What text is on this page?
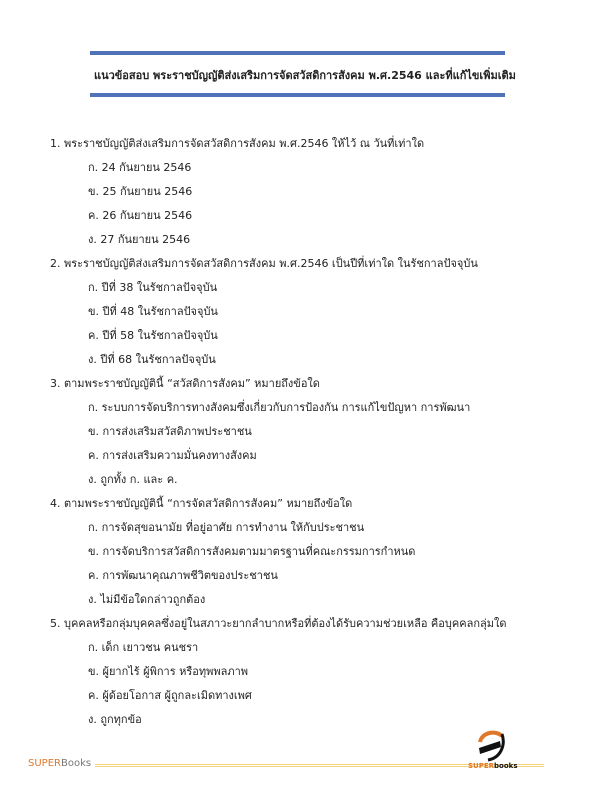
แนวข้อสอบ พระราชบัญญัติส่งเสริมการจัดสวัสดิการสังคม พ.ศ.2546 และที่แก้ไขเพิ่มเติม
1. พระราชบัญญัติส่งเสริมการจัดสวัสดิการสังคม พ.ศ.2546 ให้ไว้ ณ วันที่เท่าใด
ก. 24 กันยายน 2546
ข. 25 กันยายน 2546
ค. 26 กันยายน 2546
ง. 27 กันยายน 2546
2. พระราชบัญญัติส่งเสริมการจัดสวัสดิการสังคม พ.ศ.2546 เป็นปีที่เท่าใด ในรัชกาลปัจจุบัน
ก. ปีที่ 38 ในรัชกาลปัจจุบัน
ข. ปีที่ 48 ในรัชกาลปัจจุบัน
ค. ปีที่ 58 ในรัชกาลปัจจุบัน
ง. ปีที่ 68 ในรัชกาลปัจจุบัน
3. ตามพระราชบัญญัตินี้ “สวัสดิการสังคม” หมายถึงข้อใด
ก. ระบบการจัดบริการทางสังคมซึ่งเกี่ยวกับการป้องกัน การแก้ไขปัญหา การพัฒนา
ข. การส่งเสริมสวัสดิภาพประชาชน
ค. การส่งเสริมความมั่นคงทางสังคม
ง. ถูกทั้ง ก. และ ค.
4. ตามพระราชบัญญัตินี้ “การจัดสวัสดิการสังคม” หมายถึงข้อใด
ก. การจัดสุขอนามัย ที่อยู่อาศัย การทำงาน ให้กับประชาชน
ข. การจัดบริการสวัสดิการสังคมตามมาตรฐานที่คณะกรรมการกำหนด
ค. การพัฒนาคุณภาพชีวิตของประชาชน
ง. ไม่มีข้อใดกล่าวถูกต้อง
5. บุคคลหรือกลุ่มบุคคลซึ่งอยู่ในสภาวะยากลำบากหรือที่ต้องได้รับความช่วยเหลือ คือบุคคลกลุ่มใด
ก. เด็ก เยาวชน คนชรา
ข. ผู้ยากไร้ ผู้พิการ หรือทุพพลภาพ
ค. ผู้ด้อยโอกาส ผู้ถูกละเมิดทางเพศ
ง. ถูกทุกข้อ
SUPER Books	SUPERbooks
